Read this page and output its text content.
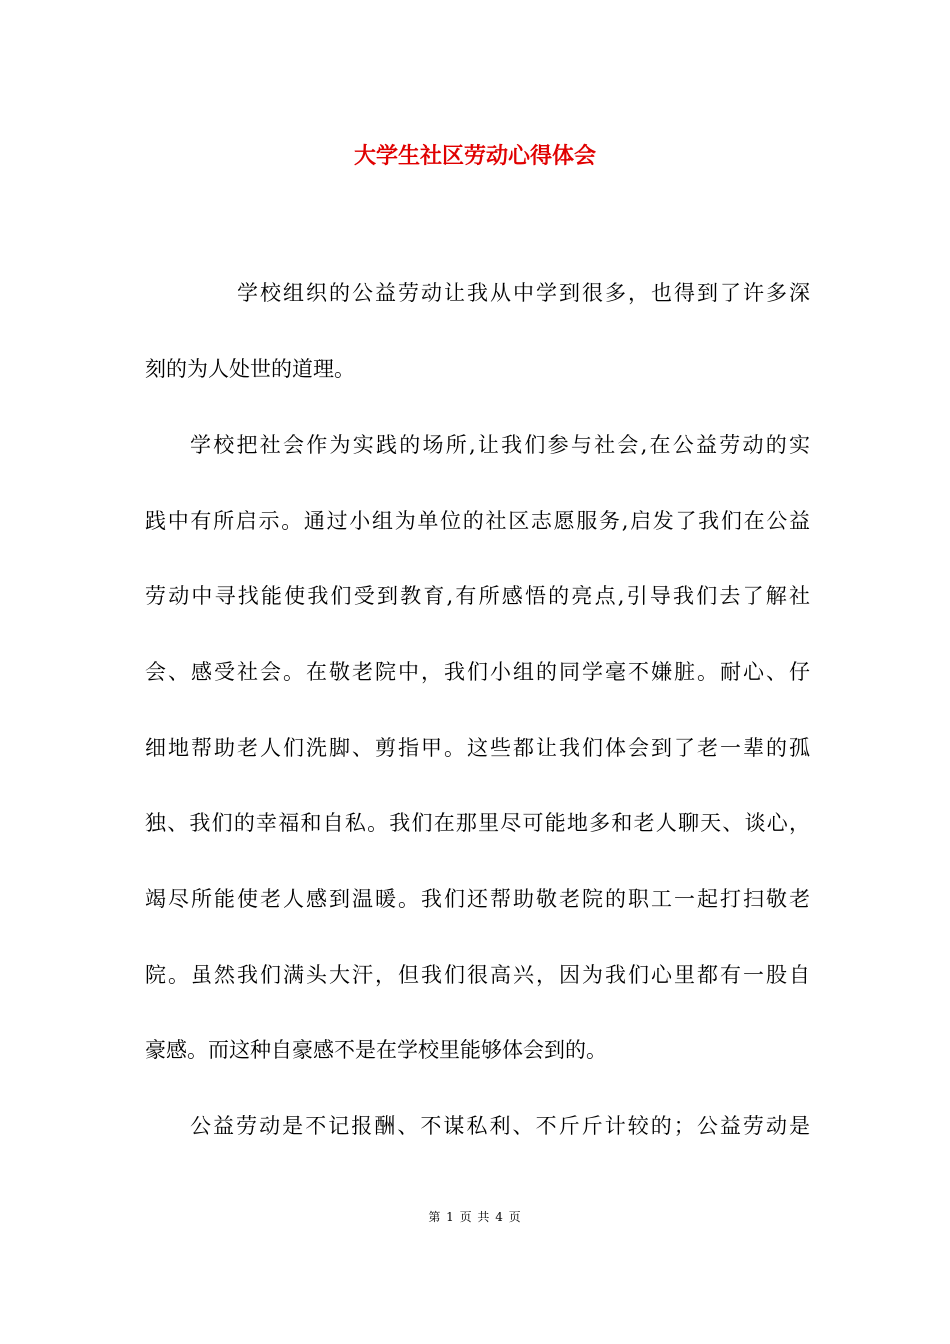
大学生社区劳动心得体会
学校组织的公益劳动让我从中学到很多，也得到了许多深
刻的为人处世的道理。
学校把社会作为实践的场所,让我们参与社会,在公益劳动的实
践中有所启示。通过小组为单位的社区志愿服务,启发了我们在公益
劳动中寻找能使我们受到教育,有所感悟的亮点,引导我们去了解社
会、感受社会。在敬老院中，我们小组的同学毫不嫌脏。耐心、仔
细地帮助老人们洗脚、剪指甲。这些都让我们体会到了老一辈的孤
独、我们的幸福和自私。我们在那里尽可能地多和老人聊天、谈心，
竭尽所能使老人感到温暖。我们还帮助敬老院的职工一起打扫敬老
院。虽然我们满头大汗，但我们很高兴，因为我们心里都有一股自
豪感。而这种自豪感不是在学校里能够体会到的。
公益劳动是不记报酬、不谋私利、不斤斤计较的；公益劳动是
第 1 页 共 4 页
